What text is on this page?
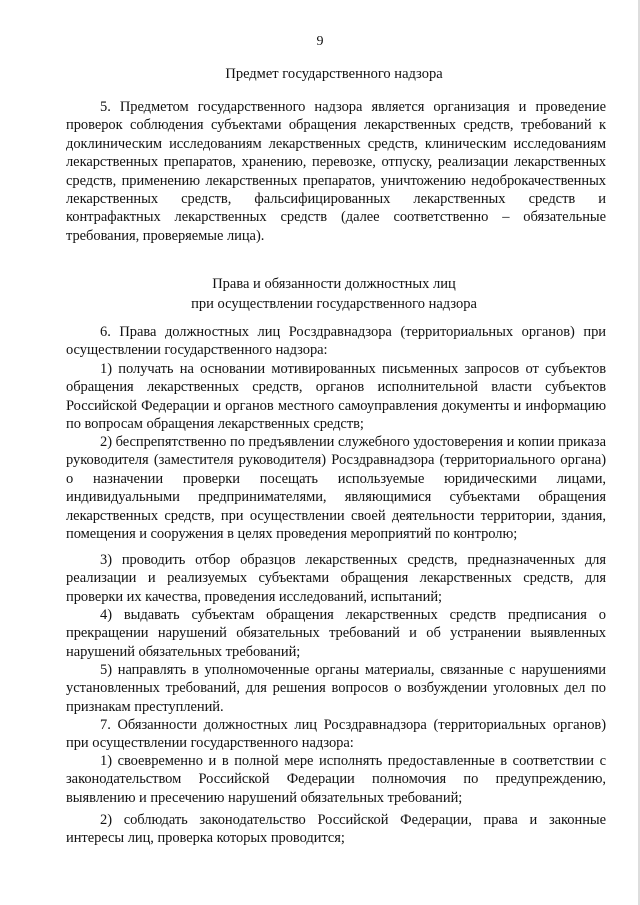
9
Предмет государственного надзора

5. Предметом государственного надзора является организация и проведение проверок соблюдения субъектами обращения лекарственных средств, требований к доклиническим исследованиям лекарственных средств, клиническим исследованиям лекарственных препаратов, хранению, перевозке, отпуску, реализации лекарственных средств, применению лекарственных препаратов, уничтожению недоброкачественных лекарственных средств, фальсифицированных лекарственных средств и контрафактных лекарственных средств (далее соответственно – обязательные требования, проверяемые лица).

Права и обязанности должностных лиц
при осуществлении государственного надзора

6. Права должностных лиц Росздравнадзора (территориальных органов) при осуществлении государственного надзора:

1) получать на основании мотивированных письменных запросов от субъектов обращения лекарственных средств, органов исполнительной власти субъектов Российской Федерации и органов местного самоуправления документы и информацию по вопросам обращения лекарственных средств;

2) беспрепятственно по предъявлении служебного удостоверения и копии приказа руководителя (заместителя руководителя) Росздравнадзора (территориального органа) о назначении проверки посещать используемые юридическими лицами, индивидуальными предпринимателями, являющимися субъектами обращения лекарственных средств, при осуществлении своей деятельности территории, здания, помещения и сооружения в целях проведения мероприятий по контролю;

3) проводить отбор образцов лекарственных средств, предназначенных для реализации и реализуемых субъектами обращения лекарственных средств, для проверки их качества, проведения исследований, испытаний;

4) выдавать субъектам обращения лекарственных средств предписания о прекращении нарушений обязательных требований и об устранении выявленных нарушений обязательных требований;

5) направлять в уполномоченные органы материалы, связанные с нарушениями установленных требований, для решения вопросов о возбуждении уголовных дел по признакам преступлений.

7. Обязанности должностных лиц Росздравнадзора (территориальных органов) при осуществлении государственного надзора:

1) своевременно и в полной мере исполнять предоставленные в соответствии с законодательством Российской Федерации полномочия по предупреждению, выявлению и пресечению нарушений обязательных требований;

2) соблюдать законодательство Российской Федерации, права и законные интересы лиц, проверка которых проводится;
